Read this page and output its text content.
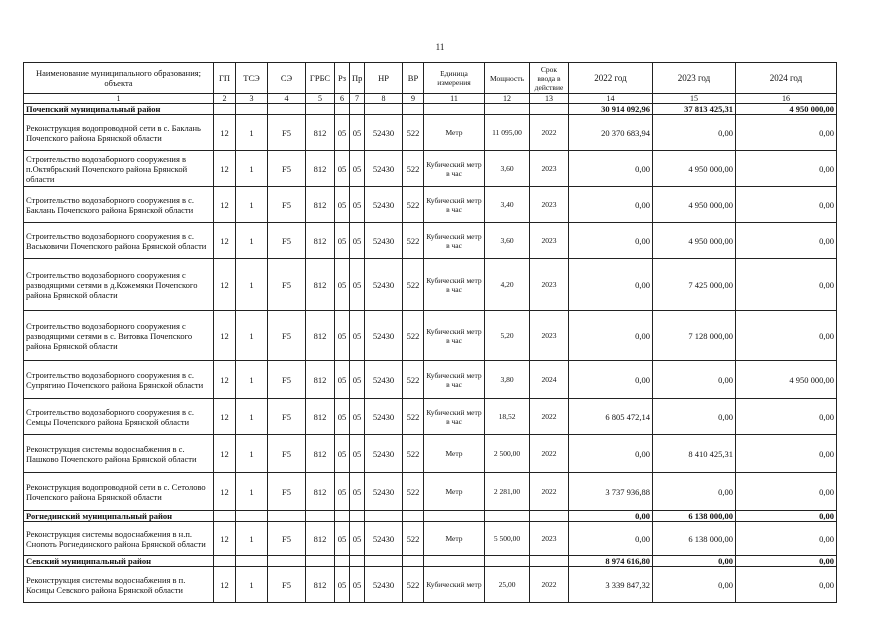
11
Наименование муниципального образования; объекта	ГП	ТСЭ	СЭ	ГРБС	Рз	Пр	НР	ВР	Единица измерения	Мощность	Срок ввода в действие	2022 год	2023 год	2024 год
1	2	3	4	5	6	7	8	9	11	12	13	14	15	16
Почепский муниципальный район												30 914 092,96	37 813 425,31	4 950 000,00
Реконструкция водопроводной сети в с. Баклань Почепского района Брянской области	12	1	F5	812	05	05	52430	522	Метр	11 095,00	2022	20 370 683,94	0,00	0,00
Строительство водозаборного сооружения в п.Октябрьский Почепского района Брянской области	12	1	F5	812	05	05	52430	522	Кубический метр в час	3,60	2023	0,00	4 950 000,00	0,00
Строительство водозаборного сооружения в с. Баклань Почепского района Брянской области	12	1	F5	812	05	05	52430	522	Кубический метр в час	3,40	2023	0,00	4 950 000,00	0,00
Строительство водозаборного сооружения в с. Васьковичи Почепского района Брянской области	12	1	F5	812	05	05	52430	522	Кубический метр в час	3,60	2023	0,00	4 950 000,00	0,00
Строительство водозаборного сооружения с разводящими сетями в д.Кожемяки Почепского района Брянской области	12	1	F5	812	05	05	52430	522	Кубический метр в час	4,20	2023	0,00	7 425 000,00	0,00
Строительство водозаборного сооружения с разводящими сетями в с. Витовка Почепского района Брянской области	12	1	F5	812	05	05	52430	522	Кубический метр в час	5,20	2023	0,00	7 128 000,00	0,00
Строительство водозаборного сооружения в с. Супрягино Почепского района Брянской области	12	1	F5	812	05	05	52430	522	Кубический метр в час	3,80	2024	0,00	0,00	4 950 000,00
Строительство водозаборного сооружения в с. Семцы Почепского района Брянской области	12	1	F5	812	05	05	52430	522	Кубический метр в час	18,52	2022	6 805 472,14	0,00	0,00
Реконструкция системы водоснабжения в с. Пашково Почепского района Брянской области	12	1	F5	812	05	05	52430	522	Метр	2 500,00	2022	0,00	8 410 425,31	0,00
Реконструкция водопроводной сети в с. Сетолово Почепского района Брянской области	12	1	F5	812	05	05	52430	522	Метр	2 281,00	2022	3 737 936,88	0,00	0,00
Рогнединский муниципальный район												0,00	6 138 000,00	0,00
Реконструкция системы водоснабжения в н.п. Снопоть Рогнединского района Брянской области	12	1	F5	812	05	05	52430	522	Метр	5 500,00	2023	0,00	6 138 000,00	0,00
Севский муниципальный район												8 974 616,80	0,00	0,00
Реконструкция системы водоснабжения в п. Косицы Севского района Брянской области	12	1	F5	812	05	05	52430	522	Кубический метр	25,00	2022	3 339 847,32	0,00	0,00
